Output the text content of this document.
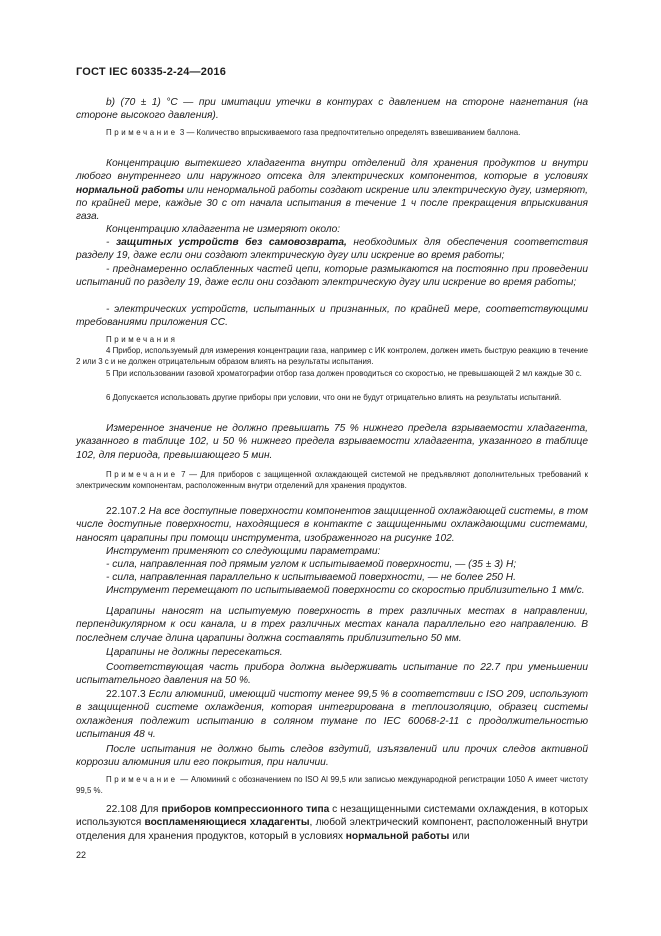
ГОСТ IEC 60335-2-24—2016
b) (70 ± 1) °С — при имитации утечки в контурах с давлением на стороне нагнетания (на стороне высокого давления).
Примечание 3 — Количество впрыскиваемого газа предпочтительно определять взвешиванием баллона.
Концентрацию вытекшего хладагента внутри отделений для хранения продуктов и внутри любого внутреннего или наружного отсека для электрических компонентов, которые в условиях нормальной работы или ненормальной работы создают искрение или электрическую дугу, измеряют, по крайней мере, каждые 30 с от начала испытания в течение 1 ч после прекращения впрыскивания газа.
Концентрацию хладагента не измеряют около:
- защитных устройств без самовозврата, необходимых для обеспечения соответствия разделу 19, даже если они создают электрическую дугу или искрение во время работы;
- преднамеренно ослабленных частей цепи, которые размыкаются на постоянно при проведении испытаний по разделу 19, даже если они создают электрическую дугу или искрение во время работы;
- электрических устройств, испытанных и признанных, по крайней мере, соответствующими требованиями приложения СС.
Примечания
4 Прибор, используемый для измерения концентрации газа, например с ИК контролем, должен иметь быструю реакцию в течение 2 или 3 с и не должен отрицательным образом влиять на результаты испытания.
5 При использовании газовой хроматографии отбор газа должен проводиться со скоростью, не превышающей 2 мл каждые 30 с.
6 Допускается использовать другие приборы при условии, что они не будут отрицательно влиять на результаты испытаний.
Измеренное значение не должно превышать 75 % нижнего предела взрываемости хладагента, указанного в таблице 102, и 50 % нижнего предела взрываемости хладагента, указанного в таблице 102, для периода, превышающего 5 мин.
Примечание 7 — Для приборов с защищенной охлаждающей системой не предъявляют дополнительных требований к электрическим компонентам, расположенным внутри отделений для хранения продуктов.
22.107.2 На все доступные поверхности компонентов защищенной охлаждающей системы, в том числе доступные поверхности, находящиеся в контакте с защищенными охлаждающими системами, наносят царапины при помощи инструмента, изображенного на рисунке 102.
Инструмент применяют со следующими параметрами:
- сила, направленная под прямым углом к испытываемой поверхности, — (35 ± 3) Н;
- сила, направленная параллельно к испытываемой поверхности, — не более 250 Н.
Инструмент перемещают по испытываемой поверхности со скоростью приблизительно 1 мм/с.
Царапины наносят на испытуемую поверхность в трех различных местах в направлении, перпендикулярном к оси канала, и в трех различных местах канала параллельно его направлению. В последнем случае длина царапины должна составлять приблизительно 50 мм.
Царапины не должны пересекаться.
Соответствующая часть прибора должна выдерживать испытание по 22.7 при уменьшении испытательного давления на 50 %.
22.107.3 Если алюминий, имеющий чистоту менее 99,5 % в соответствии с ISO 209, используют в защищенной системе охлаждения, которая интегрирована в теплоизоляцию, образец системы охлаждения подлежит испытанию в соляном тумане по IEC 60068-2-11 с продолжительностью испытания 48 ч.
После испытания не должно быть следов вздутий, изъязвлений или прочих следов активной коррозии алюминия или его покрытия, при наличии.
Примечание — Алюминий с обозначением по ISO Al 99,5 или записью международной регистрации 1050 А имеет чистоту 99,5 %.
22.108 Для приборов компрессионного типа с незащищенными системами охлаждения, в которых используются воспламеняющиеся хладагенты, любой электрический компонент, расположенный внутри отделения для хранения продуктов, который в условиях нормальной работы или
22
